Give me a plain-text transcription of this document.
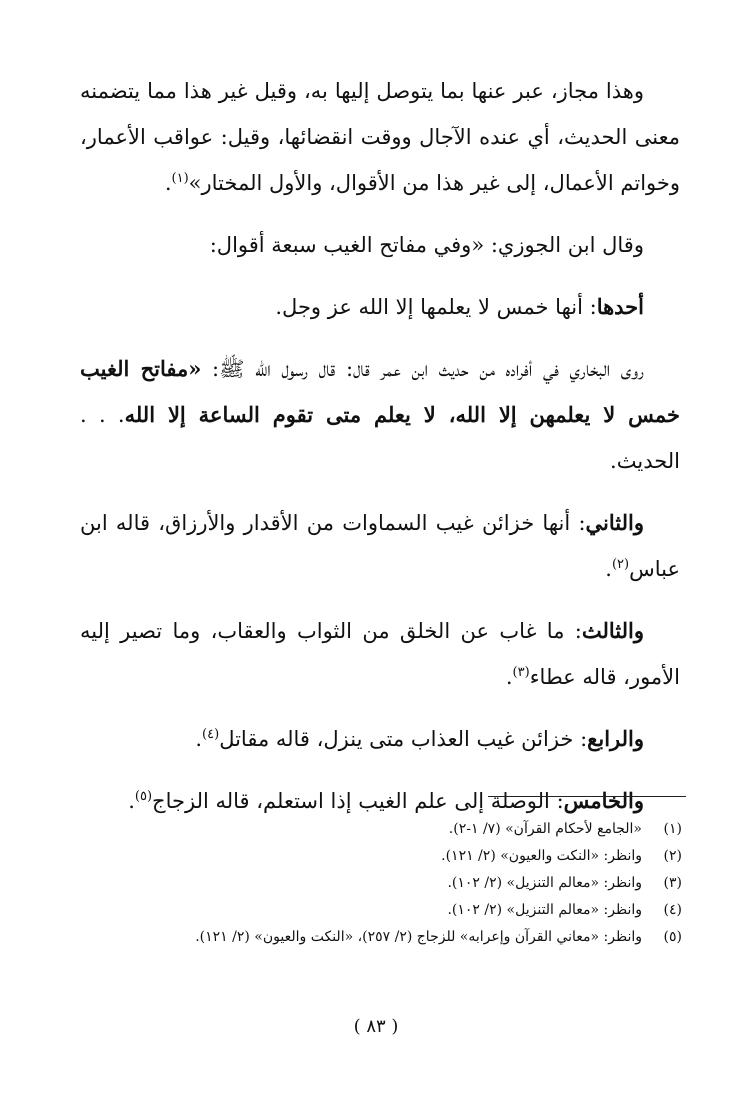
وهذا مجاز، عبر عنها بما يتوصل إليها به، وقيل غير هذا مما يتضمنه معنى الحديث، أي عنده الآجال ووقت انقضائها، وقيل: عواقب الأعمار، وخواتم الأعمال، إلى غير هذا من الأقوال، والأول المختار»$^{(١)}$.

وقال ابن الجوزي: «وفي مفاتح الغيب سبعة أقوال:

أحدها: أنها خمس لا يعلمها إلا الله عز وجل.

روى البخاري في أفراده من حديث ابن عمر قال: قال رسول الله ﷺ: «مفاتح الغيب خمس لا يعلمهن إلا الله، لا يعلم متى تقوم الساعة إلا الله. . . الحديث.

والثاني: أنها خزائن غيب السماوات من الأقدار والأرزاق، قاله ابن عباس$^{(٢)}$.

والثالث: ما غاب عن الخلق من الثواب والعقاب، وما تصير إليه الأمور، قاله عطاء$^{(٣)}$.

والرابع: خزائن غيب العذاب متى ينزل، قاله مقاتل$^{(٤)}$.

والخامس: الوصلة إلى علم الغيب إذا استعلم، قاله الزجاج$^{(٥)}$.

(١)
«الجامع لأحكام القرآن» (٧/ ١-٢).
(٢)
وانظر: «النكت والعيون» (٢/ ١٢١).
(٣)
وانظر: «معالم التنزيل» (٢/ ١٠٢).
(٤)
وانظر: «معالم التنزيل» (٢/ ١٠٢).
(٥)
وانظر: «معاني القرآن وإعرابه» للزجاج (٢/ ٢٥٧)، «النكت والعيون» (٢/ ١٢١).
( ٨٣ )
